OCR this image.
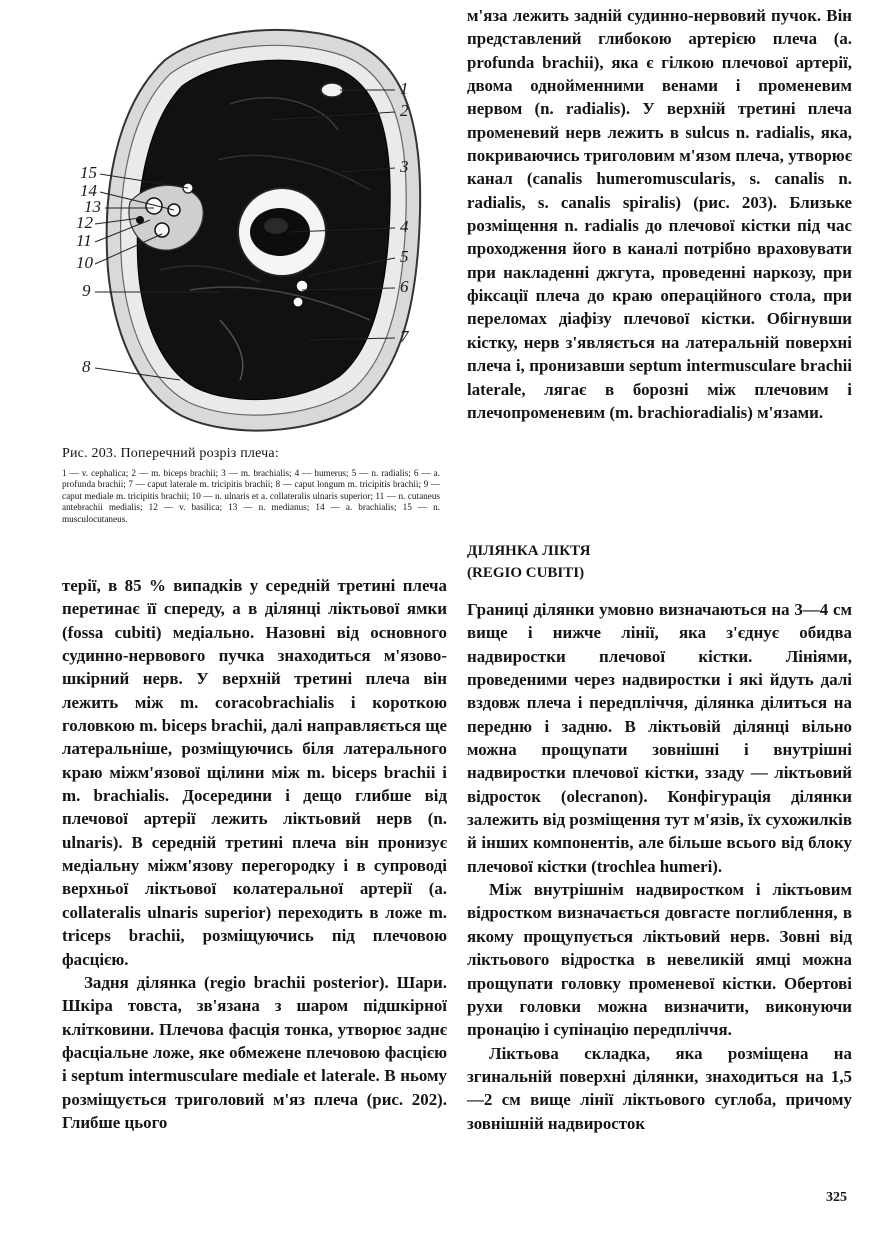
1
2
3
4
5
6
7
8
9
10
11
12
13
14
15

Рис. 203. Поперечний розріз плеча:

1 — v. cephalica; 2 — m. biceps brachii; 3 — m. brachialis; 4 — humerus; 5 — n. radialis; 6 — a. profunda brachii; 7 — caput laterale m. tricipitis brachii; 8 — caput longum m. tricipitis brachii; 9 — caput mediale m. tricipitis brachii; 10 — n. ulnaris et a. collateralis ulnaris superior; 11 — n. cutaneus antebrachii medialis; 12 — v. basilica; 13 — n. medianus; 14 — a. brachialis; 15 — n. musculocutaneus.

терії, в 85 % випадків у середній третині плеча перетинає її спереду, а в ділянці ліктьової ямки (fossa cubiti) медіально. Назовні від основного судинно-нервового пучка знаходиться м'язово-шкірний нерв. У верхній третині плеча він лежить між m. coracobrachialis і короткою головкою m. biceps brachii, далі направляється ще латеральніше, розміщуючись біля латерального краю міжм'язової щілини між m. biceps brachii і m. brachialis. Досередини і дещо глибше від плечової артерії лежить ліктьовий нерв (n. ulnaris). В середній третині плеча він пронизує медіальну міжм'язову перегородку і в супроводі верхньої ліктьової колатеральної артерії (a. collateralis ulnaris superior) переходить в ложе m. triceps brachii, розміщуючись під плечовою фасцією.

Задня ділянка (regio brachii posterior). Шари. Шкіра товста, зв'язана з шаром підшкірної клітковини. Плечова фасція тонка, утворює заднє фасціальне ложе, яке обмежене плечовою фасцією і septum intermusculare mediale et laterale. В ньому розміщується триголовий м'яз плеча (рис. 202). Глибше цього

м'яза лежить задній судинно-нервовий пучок. Він представлений глибокою артерією плеча (a. profunda brachii), яка є гілкою плечової артерії, двома однойменними венами і променевим нервом (n. radialis). У верхній третині плеча променевий нерв лежить в sulcus n. radialis, яка, покриваючись триголовим м'язом плеча, утворює канал (canalis humeromuscularis, s. canalis n. radialis, s. canalis spiralis) (рис. 203). Близьке розміщення n. radialis до плечової кістки під час проходження його в каналі потрібно враховувати при накладенні джгута, проведенні наркозу, при фіксації плеча до краю операційного стола, при переломах діафізу плечової кістки. Обігнувши кістку, нерв з'являється на латеральній поверхні плеча і, пронизавши septum intermusculare brachii laterale, лягає в борозні між плечовим і плечопроменевим (m. brachioradialis) м'язами.

ДІЛЯНКА ЛІКТЯ
(REGIO CUBITI)

Границі ділянки умовно визначаються на 3—4 см вище і нижче лінії, яка з'єднує обидва надвиростки плечової кістки. Лініями, проведеними через надвиростки і які йдуть далі вздовж плеча і передпліччя, ділянка ділиться на передню і задню. В ліктьовій ділянці вільно можна прощупати зовнішні і внутрішні надвиростки плечової кістки, ззаду — ліктьовий відросток (olecranon). Конфігурація ділянки залежить від розміщення тут м'язів, їх сухожилків й інших компонентів, але більше всього від блоку плечової кістки (trochlea humeri).

Між внутрішнім надвиростком і ліктьовим відростком визначається довгасте поглиблення, в якому прощупується ліктьовий нерв. Зовні від ліктьового відростка в невеликій ямці можна прощупати головку променевої кістки. Обертові рухи головки можна визначити, виконуючи пронацію і супінацію передпліччя.

Ліктьова складка, яка розміщена на згинальній поверхні ділянки, знаходиться на 1,5—2 см вище лінії ліктьового суглоба, причому зовнішній надвиросток

325
